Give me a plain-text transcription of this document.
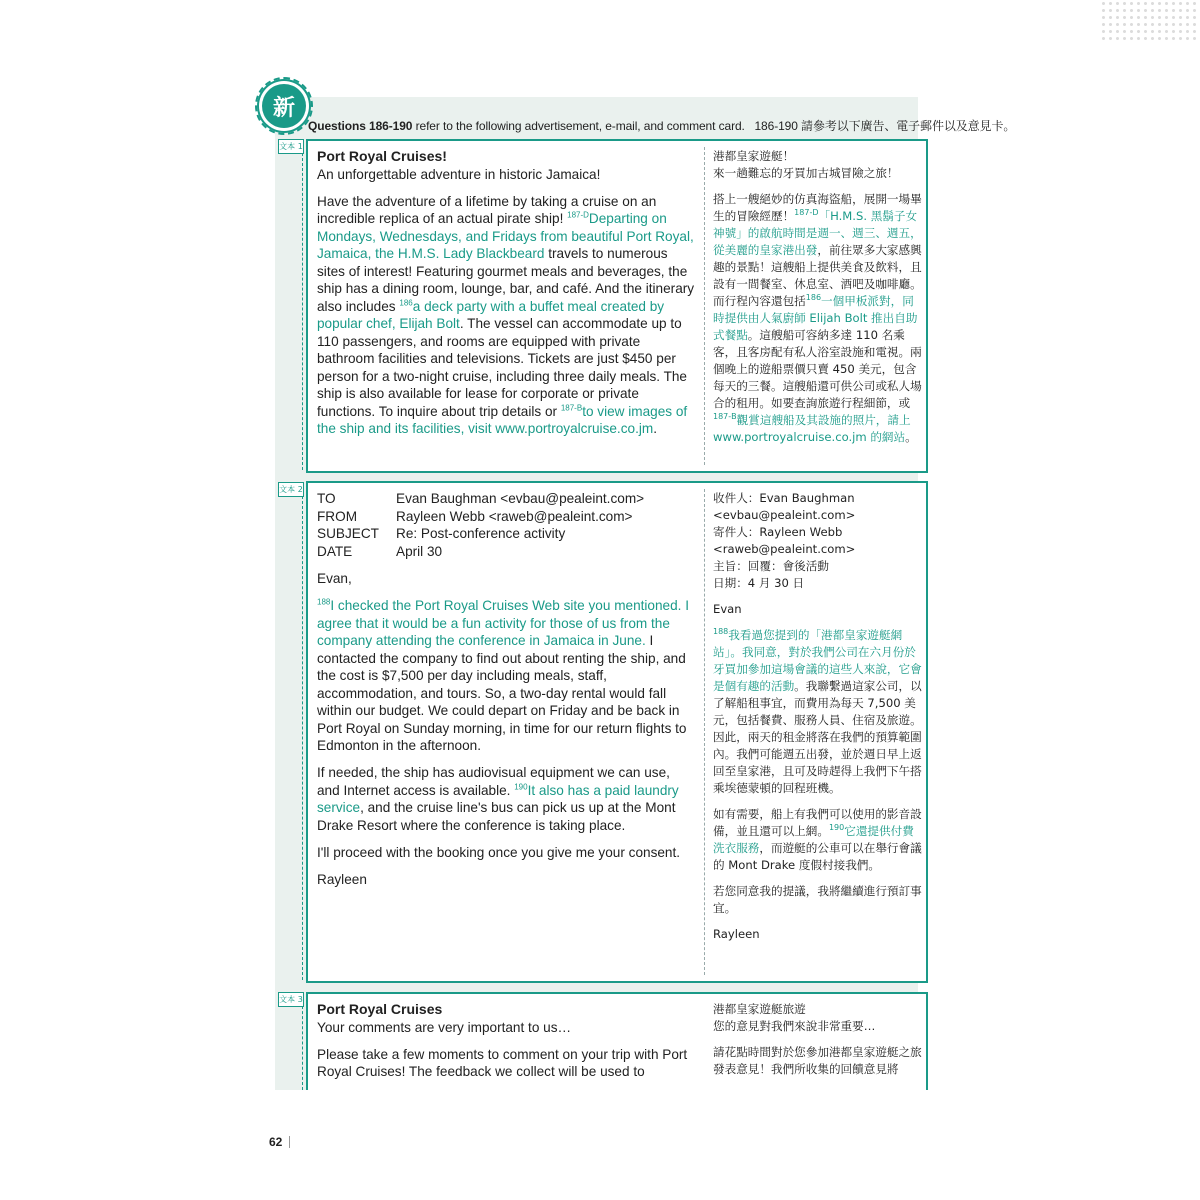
新
Questions 186-190 refer to the following advertisement, e-mail, and comment card. 186-190 請參考以下廣告、電子郵件以及意見卡。
文本 1
Port Royal Cruises!

An unforgettable adventure in historic Jamaica!

Have the adventure of a lifetime by taking a cruise on an incredible replica of an actual pirate ship! $^{187-D}$Departing on Mondays, Wednesdays, and Fridays from beautiful Port Royal, Jamaica, the H.M.S. Lady Blackbeard travels to numerous sites of interest! Featuring gourmet meals and beverages, the ship has a dining room, lounge, bar, and café. And the itinerary also includes $^{186}$a deck party with a buffet meal created by popular chef, Elijah Bolt. The vessel can accommodate up to 110 passengers, and rooms are equipped with private bathroom facilities and televisions. Tickets are just $450 per person for a two-night cruise, including three daily meals. The ship is also available for lease for corporate or private functions. To inquire about trip details or $^{187-B}$to view images of the ship and its facilities, visit www.portroyalcruise.co.jm.

港都皇家遊艇！

來一趟難忘的牙買加古城冒險之旅！

搭上一艘絕妙的仿真海盜船，展開一場畢生的冒險經歷！$^{187-D}$「H.M.S. 黑鬍子女神號」的啟航時間是週一、週三、週五，從美麗的皇家港出發，前往眾多大家感興趣的景點！這艘船上提供美食及飲料，且設有一間餐室、休息室、酒吧及咖啡廳。而行程內容還包括$^{186}$一個甲板派對，同時提供由人氣廚師 Elijah Bolt 推出自助式餐點。這艘船可容納多達 110 名乘客，且客房配有私人浴室設施和電視。兩個晚上的遊船票價只賣 450 美元，包含每天的三餐。這艘船還可供公司或私人場合的租用。如要查詢旅遊行程細節，或$^{187-B}$觀賞這艘船及其設施的照片，請上 www.portroyalcruise.co.jm 的網站。

文本 2
TO	Evan Baughman <evbau@pealeint.com>
FROM	Rayleen Webb <raweb@pealeint.com>
SUBJECT	Re: Post-conference activity
DATE	April 30

Evan,

$^{188}$I checked the Port Royal Cruises Web site you mentioned. I agree that it would be a fun activity for those of us from the company attending the conference in Jamaica in June. I contacted the company to find out about renting the ship, and the cost is $7,500 per day including meals, staff, accommodation, and tours. So, a two-day rental would fall within our budget. We could depart on Friday and be back in Port Royal on Sunday morning, in time for our return flights to Edmonton in the afternoon.

If needed, the ship has audiovisual equipment we can use, and Internet access is available. $^{190}$It also has a paid laundry service, and the cruise line's bus can pick us up at the Mont Drake Resort where the conference is taking place.

I'll proceed with the booking once you give me your consent.

Rayleen

收件人：Evan Baughman <evbau@pealeint.com>
寄件人：Rayleen Webb <raweb@pealeint.com>
主旨：回覆：會後活動

日期：4 月 30 日

Evan

$^{188}$我看過您提到的「港都皇家遊艇網站」。我同意，對於我們公司在六月份於牙買加參加這場會議的這些人來說，它會是個有趣的活動。我聯繫過這家公司，以了解船租事宜，而費用為每天 7,500 美元，包括餐費、服務人員、住宿及旅遊。因此，兩天的租金將落在我們的預算範圍內。我們可能週五出發，並於週日早上返回至皇家港，且可及時趕得上我們下午搭乘埃德蒙頓的回程班機。

如有需要，船上有我們可以使用的影音設備，並且還可以上網。$^{190}$它還提供付費洗衣服務，而遊艇的公車可以在舉行會議的 Mont Drake 度假村接我們。

若您同意我的提議，我將繼續進行預訂事宜。

Rayleen

文本 3
Port Royal Cruises

Your comments are very important to us…

Please take a few moments to comment on your trip with Port Royal Cruises! The feedback we collect will be used to

港都皇家遊艇旅遊

您的意見對我們來說非常重要…

請花點時間對於您參加港都皇家遊艇之旅發表意見！我們所收集的回饋意見將

62
